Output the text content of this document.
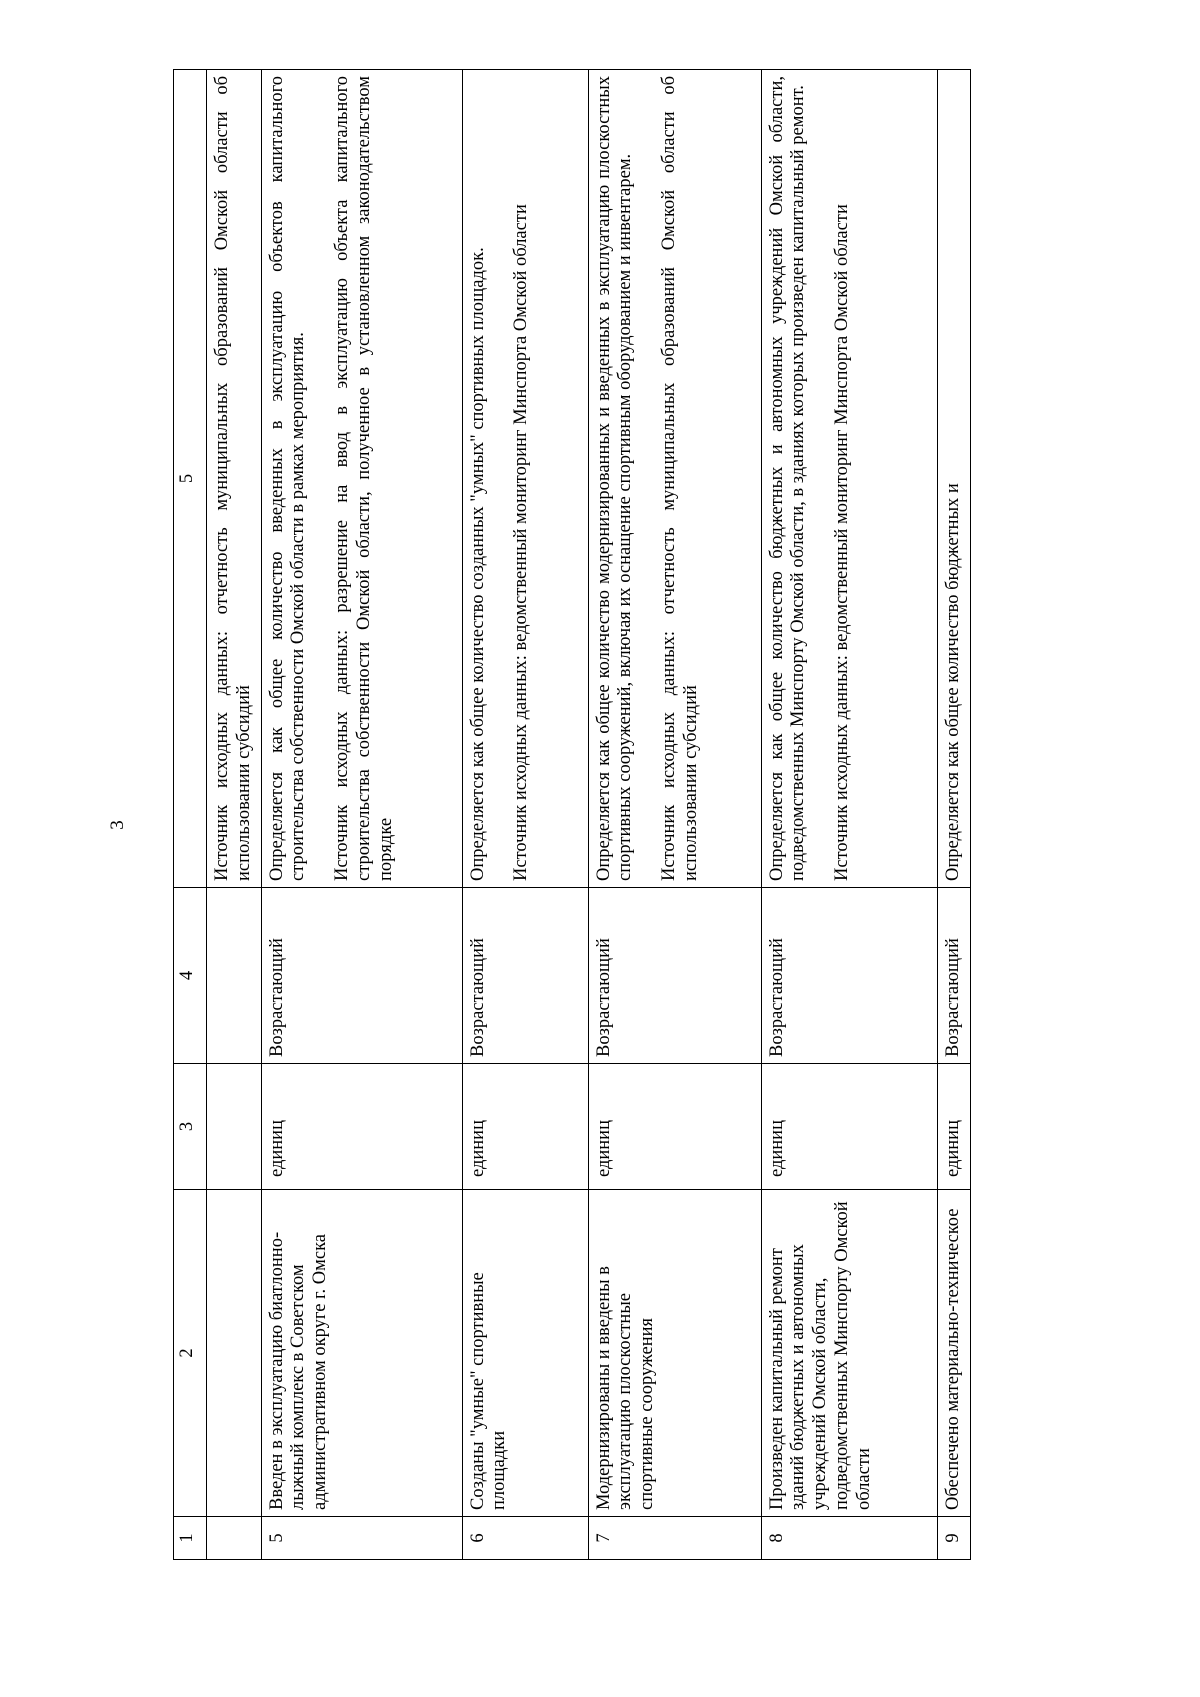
3
1	2	3	4	5

				Источник исходных данных: отчетность муниципальных образований Омской области об использовании субсидий

5	Введен в эксплуатацию биатлонно-лыжный комплекс в Советском административном округе г. Омска	единиц	Возрастающий	Определяется как общее количество введенных в эксплуатацию объектов капитального строительства собственности Омской области в рамках мероприятия. Источник исходных данных: разрешение на ввод в эксплуатацию объекта капитального строительства собственности Омской области, полученное в установленном законодательством порядке

6	Созданы "умные" спортивные площадки	единиц	Возрастающий	Определяется как общее количество созданных "умных" спортивных площадок. Источник исходных данных: ведомственный мониторинг Минспорта Омской области

7	Модернизированы и введены в эксплуатацию плоскостные спортивные сооружения	единиц	Возрастающий	Определяется как общее количество модернизированных и введенных в эксплуатацию плоскостных спортивных сооружений, включая их оснащение спортивным оборудованием и инвентарем. Источник исходных данных: отчетность муниципальных образований Омской области об использовании субсидий

8	Произведен капитальный ремонт зданий бюджетных и автономных учреждений Омской области, подведомственных Минспорту Омской области	единиц	Возрастающий	Определяется как общее количество бюджетных и автономных учреждений Омской области, подведомственных Минспорту Омской области, в зданиях которых произведен капитальный ремонт. Источник исходных данных: ведомственный мониторинг Минспорта Омской области

9	Обеспечено материально-техническое	единиц	Возрастающий	Определяется как общее количество бюджетных и
